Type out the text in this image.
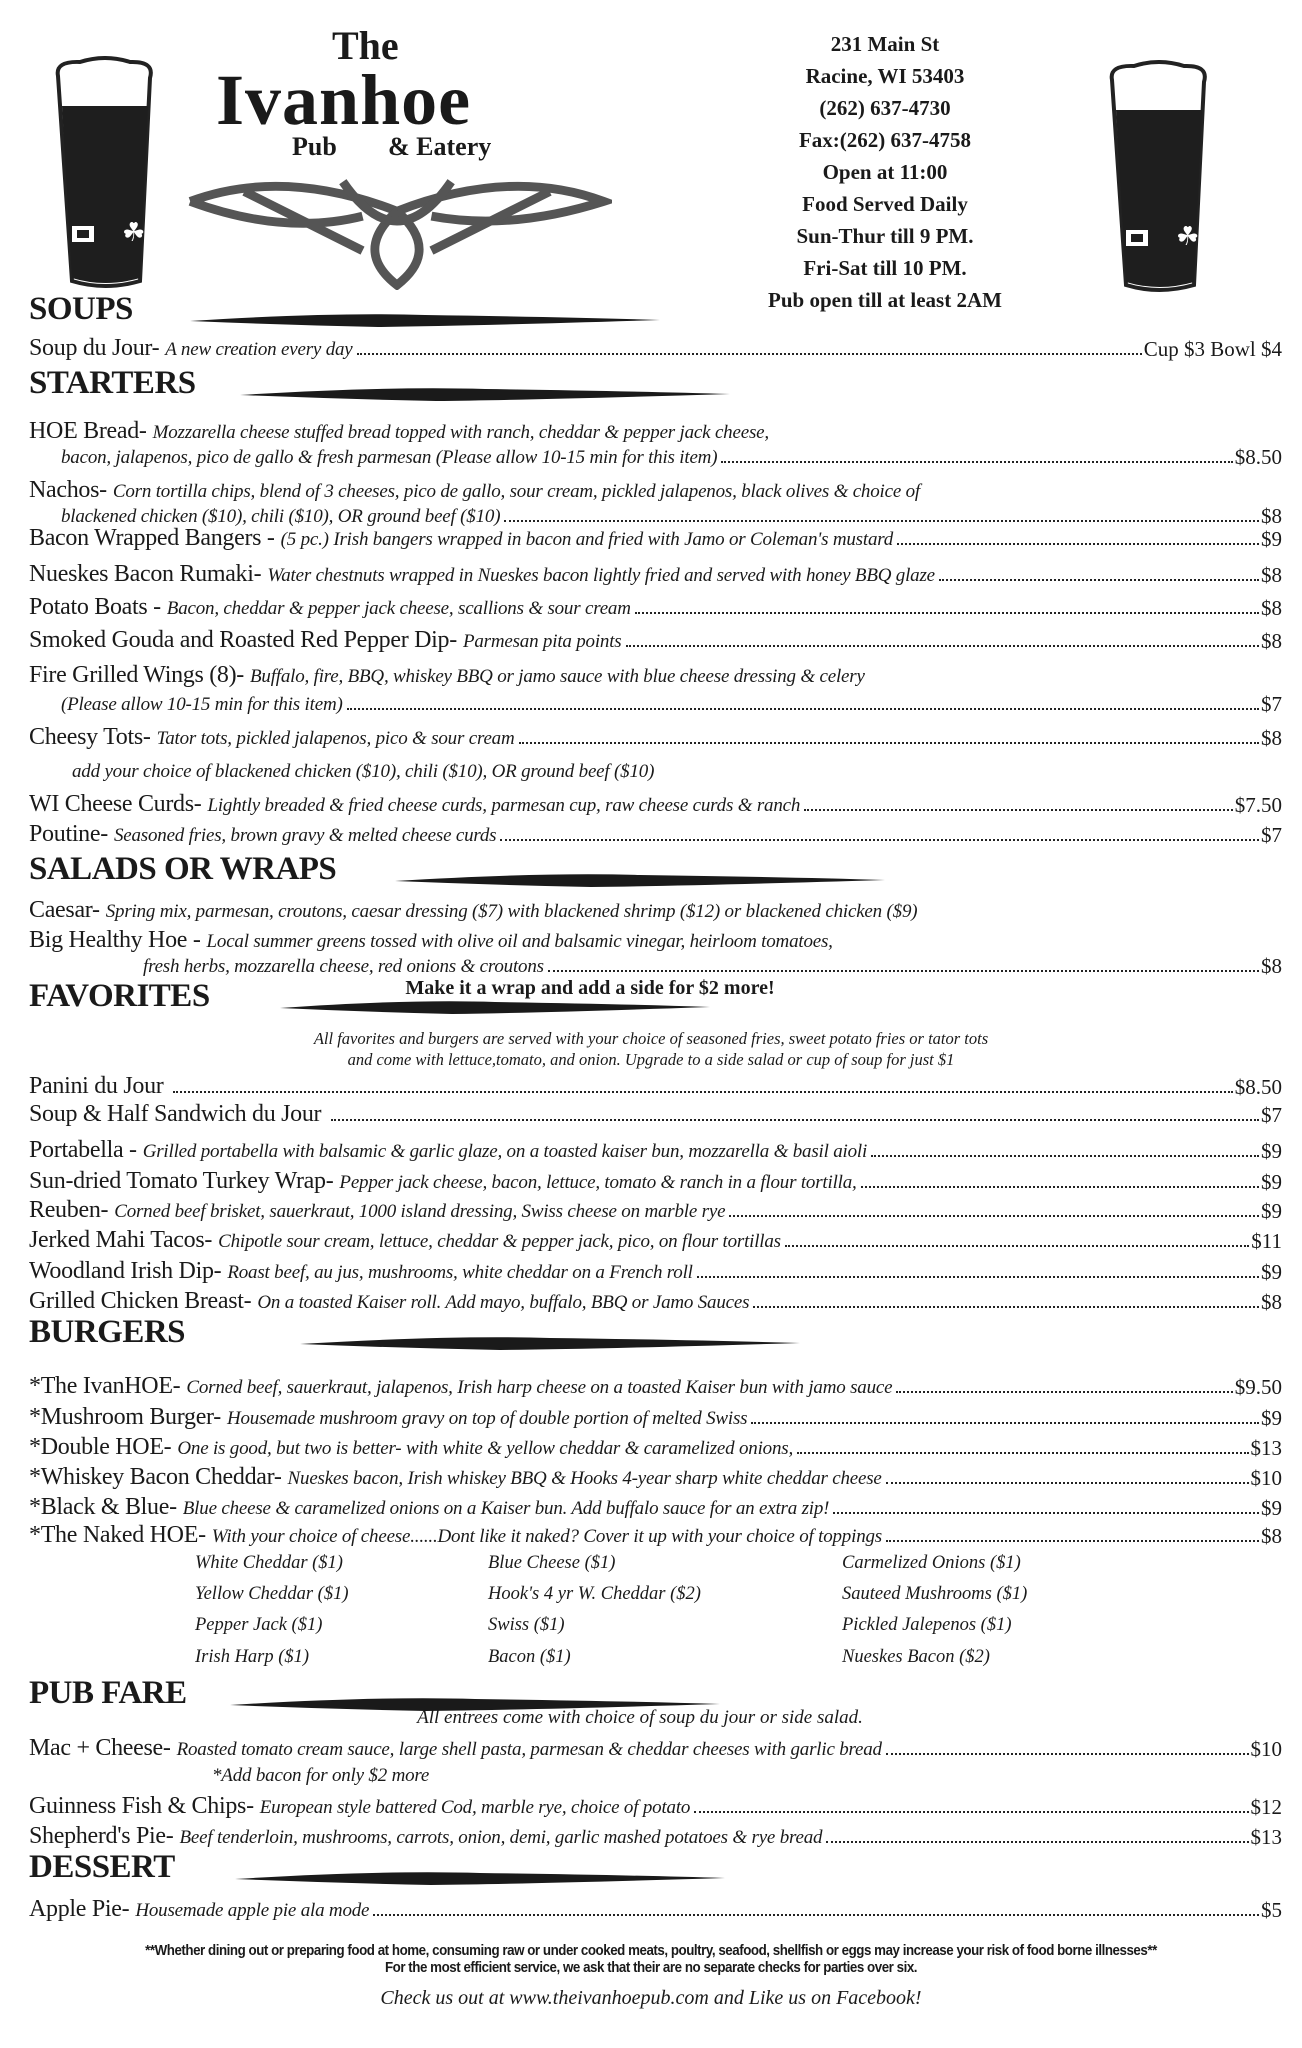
☘	☘
The
Ivanhoe
Pub & Eatery
231 Main St
Racine, WI 53403
(262) 637-4730
Fax:(262) 637-4758
Open at 11:00
Food Served Daily
Sun-Thur till 9 PM.
Fri-Sat till 10 PM.
Pub open till at least 2AM
SOUPS
Soup du Jour- A new creation every day	Cup $3 Bowl $4
STARTERS
HOE Bread- Mozzarella cheese stuffed bread topped with ranch, cheddar & pepper jack cheese,
bacon, jalapenos, pico de gallo & fresh parmesan (Please allow 10-15 min for this item)	$8.50
Nachos- Corn tortilla chips, blend of 3 cheeses, pico de gallo, sour cream, pickled jalapenos, black olives & choice of
blackened chicken ($10), chili ($10), OR ground beef ($10)	$8
Bacon Wrapped Bangers - (5 pc.) Irish bangers wrapped in bacon and fried with Jamo or Coleman's mustard	$9
Nueskes Bacon Rumaki- Water chestnuts wrapped in Nueskes bacon lightly fried and served with honey BBQ glaze	$8
Potato Boats - Bacon, cheddar & pepper jack cheese, scallions & sour cream	$8
Smoked Gouda and Roasted Red Pepper Dip- Parmesan pita points	$8
Fire Grilled Wings (8)- Buffalo, fire, BBQ, whiskey BBQ or jamo sauce with blue cheese dressing & celery
(Please allow 10-15 min for this item)	$7
Cheesy Tots- Tator tots, pickled jalapenos, pico & sour cream	$8
add your choice of blackened chicken ($10), chili ($10), OR ground beef ($10)
WI Cheese Curds- Lightly breaded & fried cheese curds, parmesan cup, raw cheese curds & ranch	$7.50
Poutine- Seasoned fries, brown gravy & melted cheese curds	$7
SALADS OR WRAPS
Caesar- Spring mix, parmesan, croutons, caesar dressing ($7) with blackened shrimp ($12) or blackened chicken ($9)
Big Healthy Hoe - Local summer greens tossed with olive oil and balsamic vinegar, heirloom tomatoes,
fresh herbs, mozzarella cheese, red onions & croutons	$8
FAVORITES
Panini du Jour	$8.50
Soup & Half Sandwich du Jour	$7
Portabella - Grilled portabella with balsamic & garlic glaze, on a toasted kaiser bun, mozzarella & basil aioli	$9
Sun-dried Tomato Turkey Wrap- Pepper jack cheese, bacon, lettuce, tomato & ranch in a flour tortilla,	$9
Reuben- Corned beef brisket, sauerkraut, 1000 island dressing, Swiss cheese on marble rye	$9
Jerked Mahi Tacos- Chipotle sour cream, lettuce, cheddar & pepper jack, pico, on flour tortillas	$11
Woodland Irish Dip- Roast beef, au jus, mushrooms, white cheddar on a French roll	$9
Grilled Chicken Breast- On a toasted Kaiser roll. Add mayo, buffalo, BBQ or Jamo Sauces	$8
BURGERS
*The IvanHOE- Corned beef, sauerkraut, jalapenos, Irish harp cheese on a toasted Kaiser bun with jamo sauce	$9.50
*Mushroom Burger- Housemade mushroom gravy on top of double portion of melted Swiss	$9
*Double HOE- One is good, but two is better- with white & yellow cheddar & caramelized onions,	$13
*Whiskey Bacon Cheddar- Nueskes bacon, Irish whiskey BBQ & Hooks 4-year sharp white cheddar cheese	$10
*Black & Blue- Blue cheese & caramelized onions on a Kaiser bun. Add buffalo sauce for an extra zip!	$9
*The Naked HOE- With your choice of cheese......Dont like it naked? Cover it up with your choice of toppings	$8
PUB FARE
Mac + Cheese- Roasted tomato cream sauce, large shell pasta, parmesan & cheddar cheeses with garlic bread	$10
*Add bacon for only $2 more
Guinness Fish & Chips- European style battered Cod, marble rye, choice of potato	$12
Shepherd's Pie- Beef tenderloin, mushrooms, carrots, onion, demi, garlic mashed potatoes & rye bread	$13
DESSERT
Apple Pie- Housemade apple pie ala mode	$5
White Cheddar ($1)	Blue Cheese ($1)	Carmelized Onions ($1)
Yellow Cheddar ($1)	Hook's 4 yr W. Cheddar ($2)	Sauteed Mushrooms ($1)
Pepper Jack ($1)	Swiss ($1)	Pickled Jalepenos ($1)
Irish Harp ($1)	Bacon ($1)	Nueskes Bacon ($2)
Make it a wrap and add a side for $2 more!
All favorites and burgers are served with your choice of seasoned fries, sweet potato fries or tator tots
and come with lettuce,tomato, and onion. Upgrade to a side salad or cup of soup for just $1
All entrees come with choice of soup du jour or side salad.
**Whether dining out or preparing food at home, consuming raw or under cooked meats, poultry, seafood, shellfish or eggs may increase your risk of food borne illnesses**
For the most efficient service, we ask that their are no separate checks for parties over six.
Check us out at www.theivanhoepub.com and Like us on Facebook!
